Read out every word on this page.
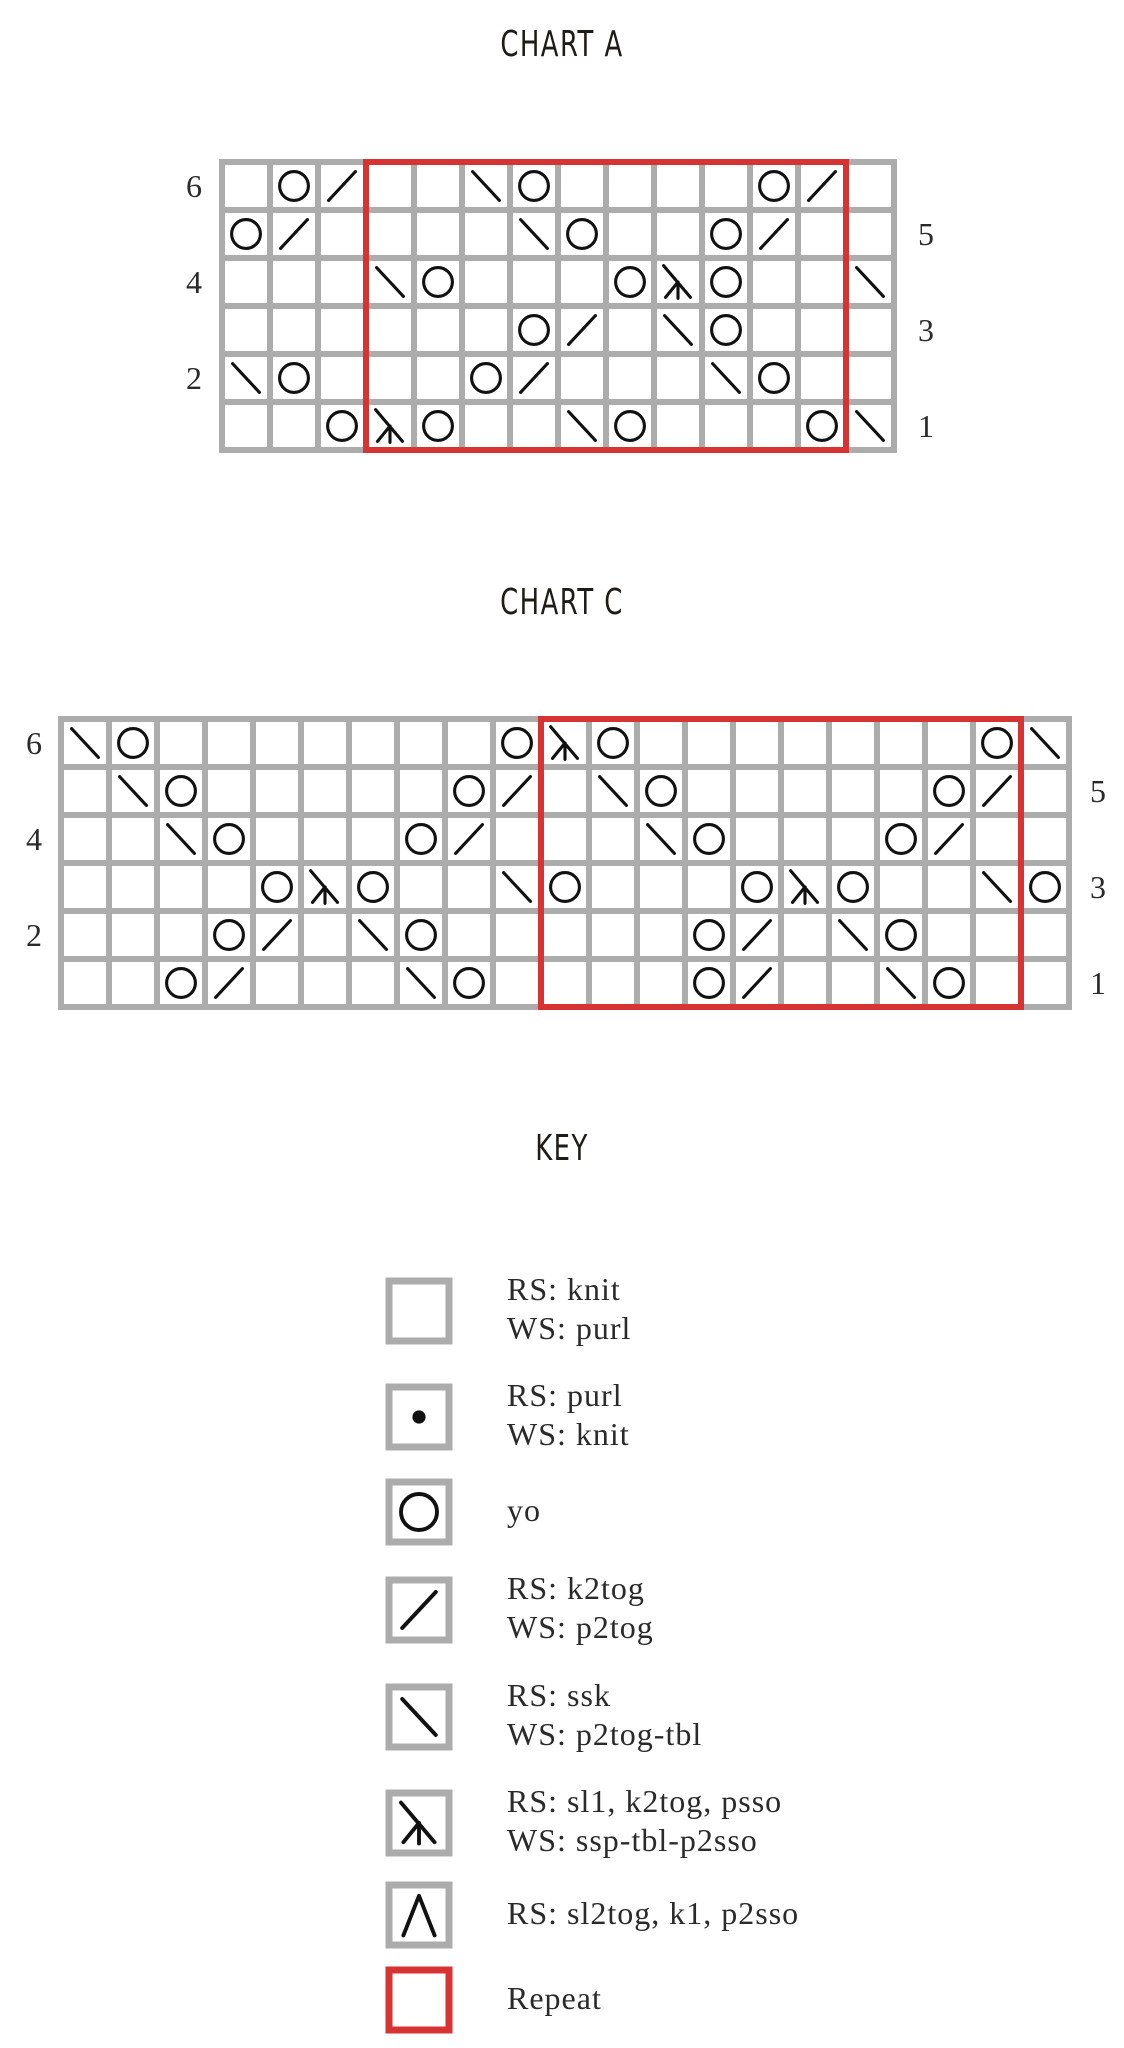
CHART A
CHART C
KEY
6
5
4
3
2
1
6
5
4
3
2
1
RS: knit
WS: purl
RS: purl
WS: knit
yo
RS: k2tog
WS: p2tog
RS: ssk
WS: p2tog-tbl
RS: sl1, k2tog, psso
WS: ssp-tbl-p2sso
RS: sl2tog, k1, p2sso
Repeat
